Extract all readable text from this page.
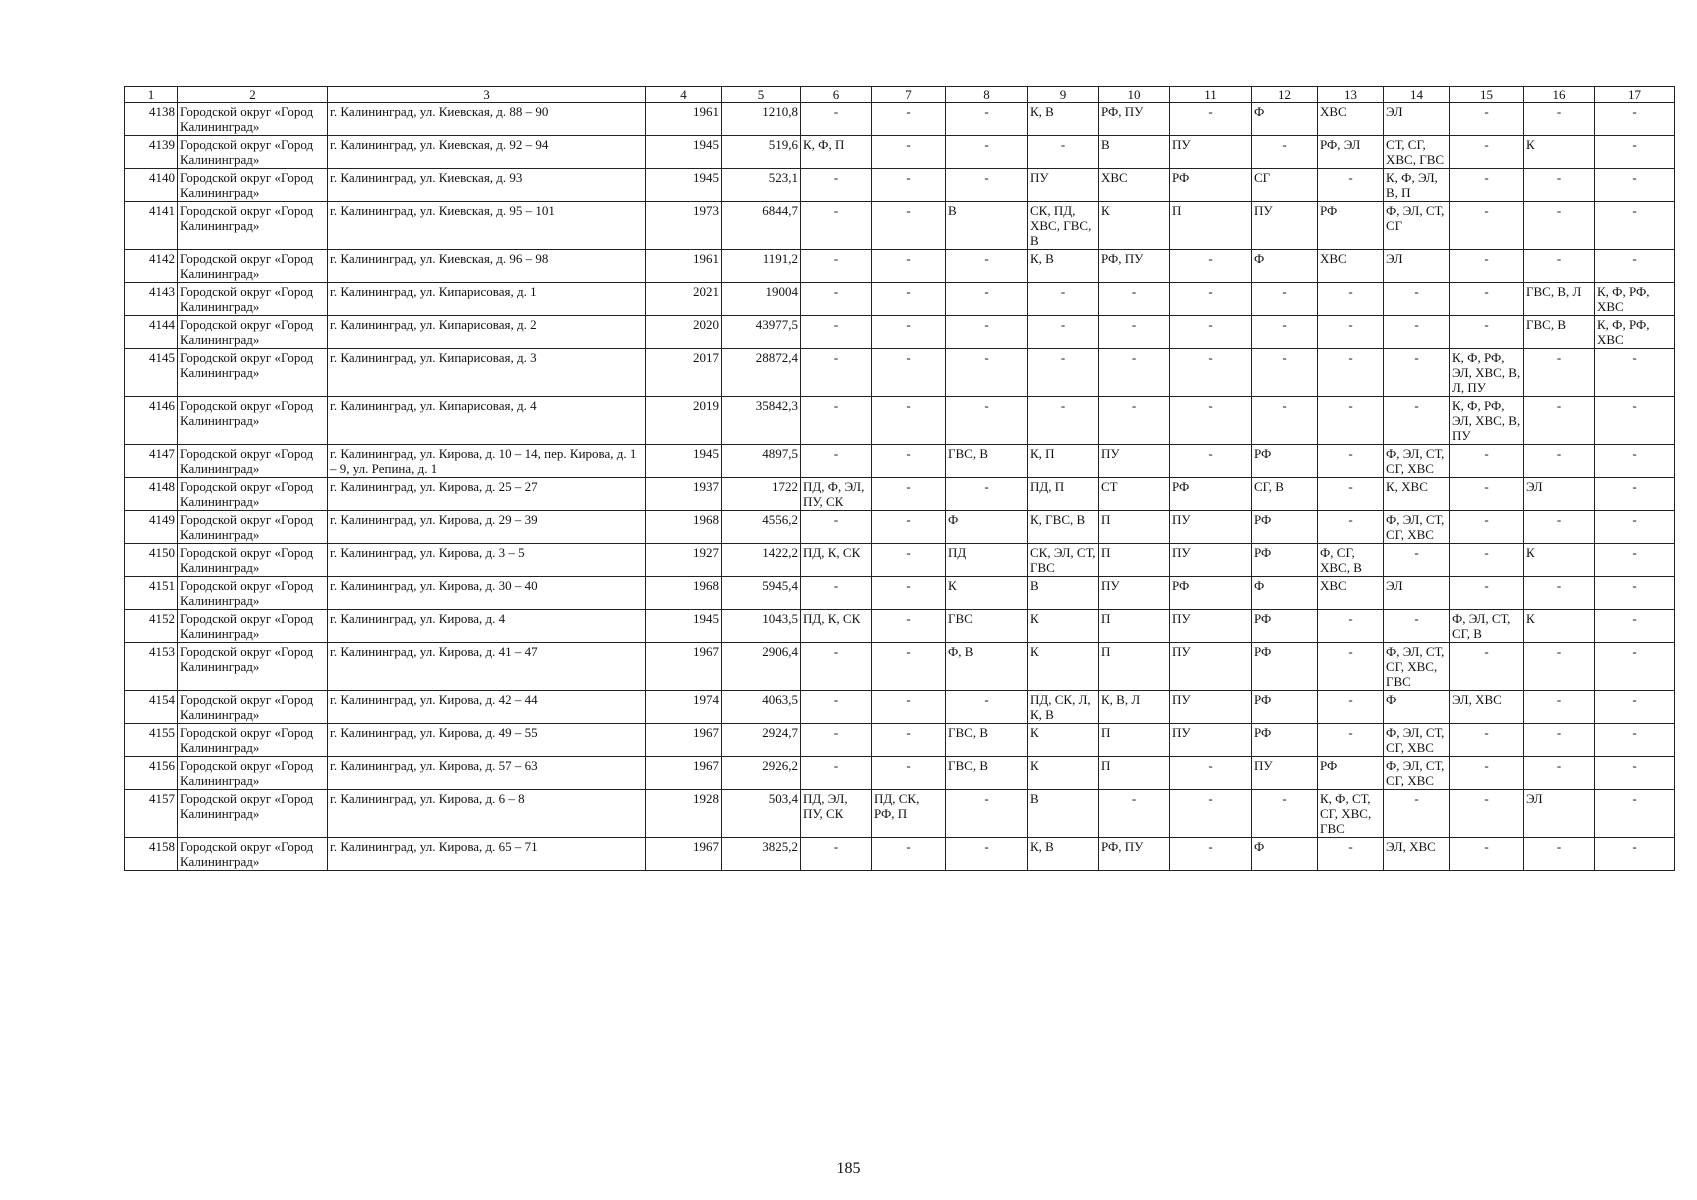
1	2	3	4	5	6	7	8	9	10	11	12	13	14	15	16	17
4138	Городской округ «Город Калининград»	г. Калининград, ул. Киевская, д. 88 – 90	1961	1210,8	-	-	-	К, В	РФ, ПУ	-	Ф	ХВС	ЭЛ	-	-	-
4139	Городской округ «Город Калининград»	г. Калининград, ул. Киевская, д. 92 – 94	1945	519,6	К, Ф, П	-	-	-	В	ПУ	-	РФ, ЭЛ	СТ, СГ, ХВС, ГВС	-	К	-
4140	Городской округ «Город Калининград»	г. Калининград, ул. Киевская, д. 93	1945	523,1	-	-	-	ПУ	ХВС	РФ	СГ	-	К, Ф, ЭЛ, В, П	-	-	-
4141	Городской округ «Город Калининград»	г. Калининград, ул. Киевская, д. 95 – 101	1973	6844,7	-	-	В	СК, ПД, ХВС, ГВС, В	К	П	ПУ	РФ	Ф, ЭЛ, СТ, СГ	-	-	-
4142	Городской округ «Город Калининград»	г. Калининград, ул. Киевская, д. 96 – 98	1961	1191,2	-	-	-	К, В	РФ, ПУ	-	Ф	ХВС	ЭЛ	-	-	-
4143	Городской округ «Город Калининград»	г. Калининград, ул. Кипарисовая, д. 1	2021	19004	-	-	-	-	-	-	-	-	-	-	ГВС, В, Л	К, Ф, РФ, ХВС
4144	Городской округ «Город Калининград»	г. Калининград, ул. Кипарисовая, д. 2	2020	43977,5	-	-	-	-	-	-	-	-	-	-	ГВС, В	К, Ф, РФ, ХВС
4145	Городской округ «Город Калининград»	г. Калининград, ул. Кипарисовая, д. 3	2017	28872,4	-	-	-	-	-	-	-	-	-	К, Ф, РФ, ЭЛ, ХВС, В, Л, ПУ	-	-
4146	Городской округ «Город Калининград»	г. Калининград, ул. Кипарисовая, д. 4	2019	35842,3	-	-	-	-	-	-	-	-	-	К, Ф, РФ, ЭЛ, ХВС, В, ПУ	-	-
4147	Городской округ «Город Калининград»	г. Калининград, ул. Кирова, д. 10 – 14, пер. Кирова, д. 1 – 9, ул. Репина, д. 1	1945	4897,5	-	-	ГВС, В	К, П	ПУ	-	РФ	-	Ф, ЭЛ, СТ, СГ, ХВС	-	-	-
4148	Городской округ «Город Калининград»	г. Калининград, ул. Кирова, д. 25 – 27	1937	1722	ПД, Ф, ЭЛ, ПУ, СК	-	-	ПД, П	СТ	РФ	СГ, В	-	К, ХВС	-	ЭЛ	-
4149	Городской округ «Город Калининград»	г. Калининград, ул. Кирова, д. 29 – 39	1968	4556,2	-	-	Ф	К, ГВС, В	П	ПУ	РФ	-	Ф, ЭЛ, СТ, СГ, ХВС	-	-	-
4150	Городской округ «Город Калининград»	г. Калининград, ул. Кирова, д. 3 – 5	1927	1422,2	ПД, К, СК	-	ПД	СК, ЭЛ, СТ, ГВС	П	ПУ	РФ	Ф, СГ, ХВС, В	-	-	К	-
4151	Городской округ «Город Калининград»	г. Калининград, ул. Кирова, д. 30 – 40	1968	5945,4	-	-	К	В	ПУ	РФ	Ф	ХВС	ЭЛ	-	-	-
4152	Городской округ «Город Калининград»	г. Калининград, ул. Кирова, д. 4	1945	1043,5	ПД, К, СК	-	ГВС	К	П	ПУ	РФ	-	-	Ф, ЭЛ, СТ, СГ, В	К	-
4153	Городской округ «Город Калининград»	г. Калининград, ул. Кирова, д. 41 – 47	1967	2906,4	-	-	Ф, В	К	П	ПУ	РФ	-	Ф, ЭЛ, СТ, СГ, ХВС, ГВС	-	-	-
4154	Городской округ «Город Калининград»	г. Калининград, ул. Кирова, д. 42 – 44	1974	4063,5	-	-	-	ПД, СК, Л, К, В	К, В, Л	ПУ	РФ	-	Ф	ЭЛ, ХВС	-	-
4155	Городской округ «Город Калининград»	г. Калининград, ул. Кирова, д. 49 – 55	1967	2924,7	-	-	ГВС, В	К	П	ПУ	РФ	-	Ф, ЭЛ, СТ, СГ, ХВС	-	-	-
4156	Городской округ «Город Калининград»	г. Калининград, ул. Кирова, д. 57 – 63	1967	2926,2	-	-	ГВС, В	К	П	-	ПУ	РФ	Ф, ЭЛ, СТ, СГ, ХВС	-	-	-
4157	Городской округ «Город Калининград»	г. Калининград, ул. Кирова, д. 6 – 8	1928	503,4	ПД, ЭЛ, ПУ, СК	ПД, СК, РФ, П	-	В	-	-	-	К, Ф, СТ, СГ, ХВС, ГВС	-	-	ЭЛ	-
4158	Городской округ «Город Калининград»	г. Калининград, ул. Кирова, д. 65 – 71	1967	3825,2	-	-	-	К, В	РФ, ПУ	-	Ф	-	ЭЛ, ХВС	-	-	-
185
